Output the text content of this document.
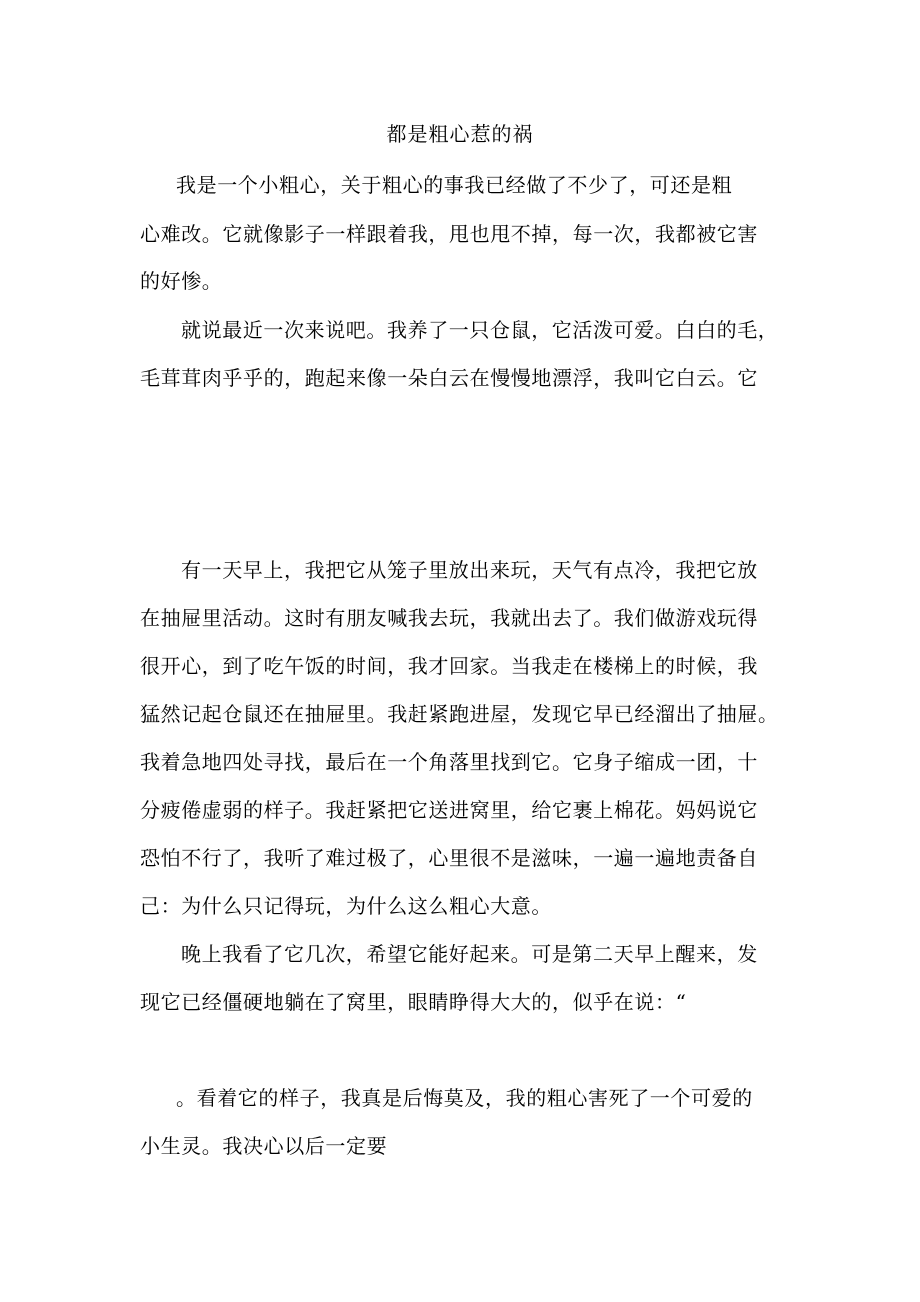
都是粗心惹的祸
我是一个小粗心，关于粗心的事我已经做了不少了，可还是粗
心难改。它就像影子一样跟着我，甩也甩不掉，每一次，我都被它害
的好惨。
就说最近一次来说吧。我养了一只仓鼠，它活泼可爱。白白的毛，
毛茸茸肉乎乎的，跑起来像一朵白云在慢慢地漂浮，我叫它白云。它
有一天早上，我把它从笼子里放出来玩，天气有点冷，我把它放
在抽屉里活动。这时有朋友喊我去玩，我就出去了。我们做游戏玩得
很开心，到了吃午饭的时间，我才回家。当我走在楼梯上的时候，我
猛然记起仓鼠还在抽屉里。我赶紧跑进屋，发现它早已经溜出了抽屉。
我着急地四处寻找，最后在一个角落里找到它。它身子缩成一团，十
分疲倦虚弱的样子。我赶紧把它送进窝里，给它裹上棉花。妈妈说它
恐怕不行了，我听了难过极了，心里很不是滋味，一遍一遍地责备自
己：为什么只记得玩，为什么这么粗心大意。
晚上我看了它几次，希望它能好起来。可是第二天早上醒来，发
现它已经僵硬地躺在了窝里，眼睛睁得大大的，似乎在说：“
。看着它的样子，我真是后悔莫及，我的粗心害死了一个可爱的
小生灵。我决心以后一定要
